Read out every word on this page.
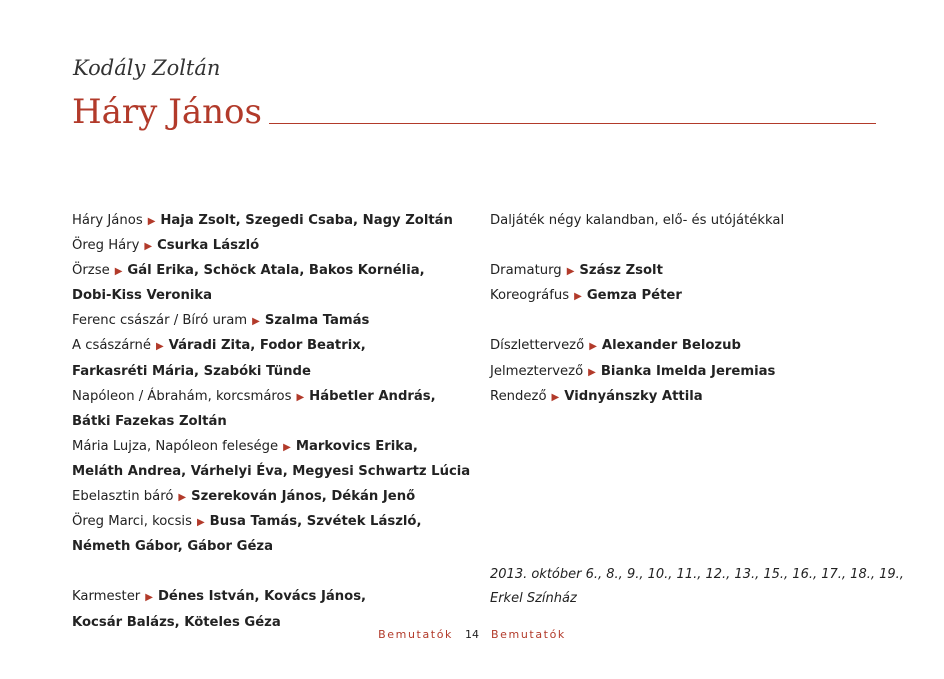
Kodály Zoltán
Háry János
Háry János ▶ Haja Zsolt, Szegedi Csaba, Nagy Zoltán
Öreg Háry ▶ Csurka László
Örzse ▶ Gál Erika, Schöck Atala, Bakos Kornélia,
Dobi-Kiss Veronika
Ferenc császár / Bíró uram ▶ Szalma Tamás
A császárné ▶ Váradi Zita, Fodor Beatrix,
Farkasréti Mária, Szabóki Tünde
Napóleon / Ábrahám, korcsmáros ▶ Hábetler András,
Bátki Fazekas Zoltán
Mária Lujza, Napóleon felesége ▶ Markovics Erika,
Meláth Andrea, Várhelyi Éva, Megyesi Schwartz Lúcia
Ebelasztin báró ▶ Szerekován János, Dékán Jenő
Öreg Marci, kocsis ▶ Busa Tamás, Szvétek László,
Németh Gábor, Gábor Géza
Karmester ▶ Dénes István, Kovács János,
Kocsár Balázs, Köteles Géza
Daljáték négy kalandban, elő- és utójátékkal
Dramaturg ▶ Szász Zsolt
Koreográfus ▶ Gemza Péter
Díszlettervező ▶ Alexander Belozub
Jelmeztervező ▶ Bianka Imelda Jeremias
Rendező ▶ Vidnyánszky Attila
2013. október 6., 8., 9., 10., 11., 12., 13., 15., 16., 17., 18., 19.,
Erkel Színház
Bemutatók 14 Bemutatók
